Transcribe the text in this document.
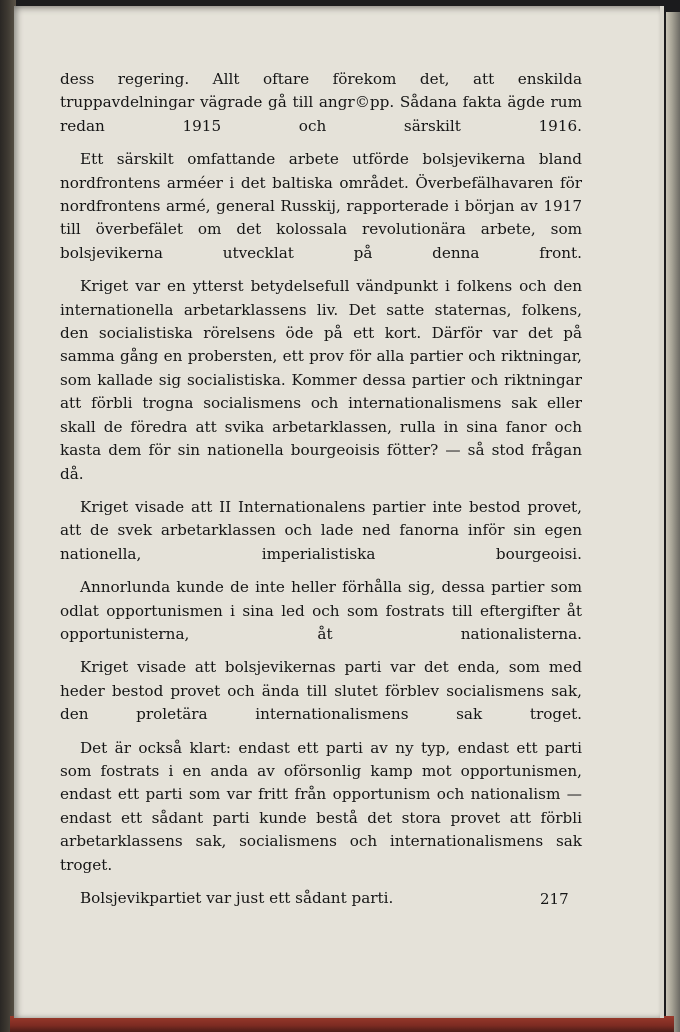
dess regering. Allt oftare förekom det, att enskilda truppavdelningar vägrade gå till angr©pp. Sådana fakta ägde rum redan 1915 och särskilt 1916.

Ett särskilt omfattande arbete utförde bolsjevikerna bland nordfrontens arméer i det baltiska området. Överbefälhavaren för nordfrontens armé, general Russkij, rapporterade i början av 1917 till överbefälet om det kolossala revolutionära arbete, som bolsjevikerna utvecklat på denna front.

Kriget var en ytterst betydelsefull vändpunkt i folkens och den internationella arbetarklassens liv. Det satte staternas, folkens, den socialistiska rörelsens öde på ett kort. Därför var det på samma gång en probersten, ett prov för alla partier och riktningar, som kallade sig socialistiska. Kommer dessa partier och riktningar att förbli trogna socialismens och internationalismens sak eller skall de föredra att svika arbetarklassen, rulla in sina fanor och kasta dem för sin nationella bourgeoisis fötter? — så stod frågan då.

Kriget visade att II Internationalens partier inte bestod provet, att de svek arbetarklassen och lade ned fanorna inför sin egen nationella, imperialistiska bourgeoisi.

Annorlunda kunde de inte heller förhålla sig, dessa partier som odlat opportunismen i sina led och som fostrats till eftergifter åt opportunisterna, åt nationalisterna.

Kriget visade att bolsjevikernas parti var det enda, som med heder bestod provet och ända till slutet förblev socialismens sak, den proletära internationalismens sak troget.

Det är också klart: endast ett parti av ny typ, endast ett parti som fostrats i en anda av oförsonlig kamp mot opportunismen, endast ett parti som var fritt från opportunism och nationalism — endast ett sådant parti kunde bestå det stora provet att förbli arbetarklassens sak, socialismens och internationalismens sak troget.

Bolsjevikpartiet var just ett sådant parti.	217
